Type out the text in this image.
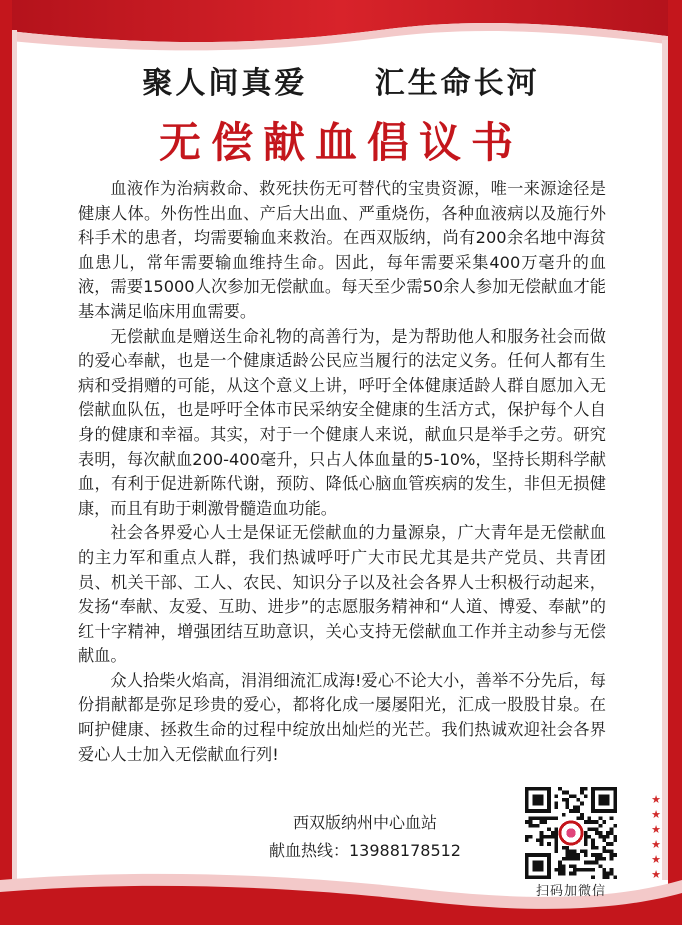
聚人间真爱 汇生命长河
无偿献血倡议书

血液作为治病救命、救死扶伤无可替代的宝贵资源，唯一来源途径是健康人体。外伤性出血、产后大出血、严重烧伤，各种血液病以及施行外科手术的患者，均需要输血来救治。在西双版纳，尚有200余名地中海贫血患儿，常年需要输血维持生命。因此，每年需要采集400万毫升的血液，需要15000人次参加无偿献血。每天至少需50余人参加无偿献血才能基本满足临床用血需要。

无偿献血是赠送生命礼物的高善行为，是为帮助他人和服务社会而做的爱心奉献，也是一个健康适龄公民应当履行的法定义务。任何人都有生病和受捐赠的可能，从这个意义上讲，呼吁全体健康适龄人群自愿加入无偿献血队伍，也是呼吁全体市民采纳安全健康的生活方式，保护每个人自身的健康和幸福。其实，对于一个健康人来说，献血只是举手之劳。研究表明，每次献血200-400毫升，只占人体血量的5-10%，坚持长期科学献血，有利于促进新陈代谢，预防、降低心脑血管疾病的发生，非但无损健康，而且有助于刺激骨髓造血功能。

社会各界爱心人士是保证无偿献血的力量源泉，广大青年是无偿献血的主力军和重点人群，我们热诚呼吁广大市民尤其是共产党员、共青团员、机关干部、工人、农民、知识分子以及社会各界人士积极行动起来，发扬“奉献、友爱、互助、进步”的志愿服务精神和“人道、博爱、奉献”的红十字精神，增强团结互助意识，关心支持无偿献血工作并主动参与无偿献血。

众人拾柴火焰高，涓涓细流汇成海!爱心不论大小，善举不分先后，每份捐献都是弥足珍贵的爱心，都将化成一屡屡阳光，汇成一股股甘泉。在呵护健康、拯救生命的过程中绽放出灿烂的光芒。我们热诚欢迎社会各界爱心人士加入无偿献血行列!

西双版纳州中心血站
献血热线：13988178512
扫码加微信
★
★
★
★
★
★
